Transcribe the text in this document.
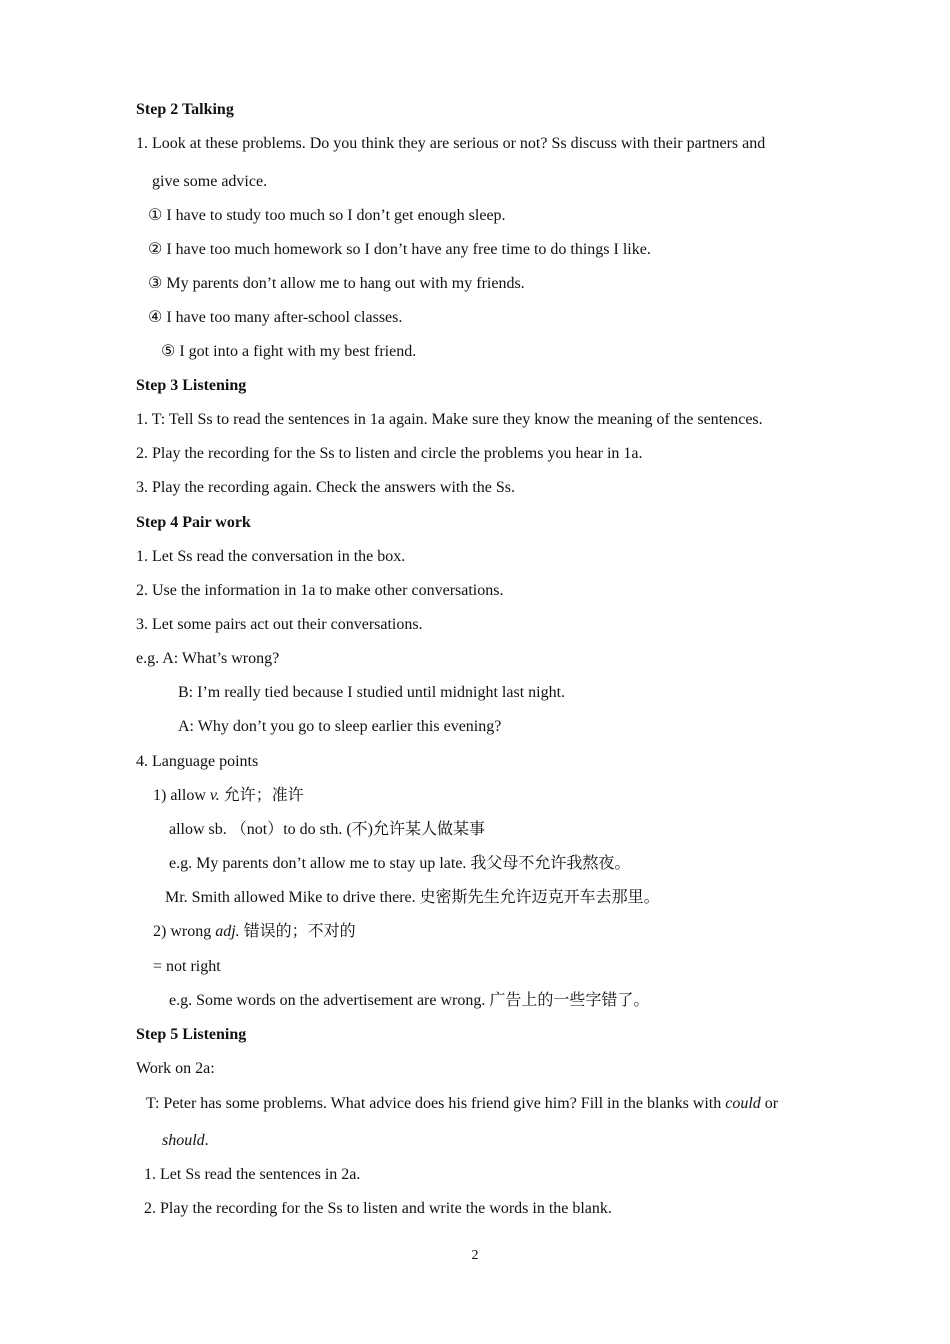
Step 2 Talking
1. Look at these problems. Do you think they are serious or not? Ss discuss with their partners and
give some advice.
① I have to study too much so I don’t get enough sleep.
② I have too much homework so I don’t have any free time to do things I like.
③ My parents don’t allow me to hang out with my friends.
④ I have too many after-school classes.
⑤ I got into a fight with my best friend.
Step 3 Listening
1. T: Tell Ss to read the sentences in 1a again. Make sure they know the meaning of the sentences.
2. Play the recording for the Ss to listen and circle the problems you hear in 1a.
3. Play the recording again. Check the answers with the Ss.
Step 4 Pair work
1. Let Ss read the conversation in the box.
2. Use the information in 1a to make other conversations.
3. Let some pairs act out their conversations.
e.g. A: What’s wrong?
B: I’m really tied because I studied until midnight last night.
A: Why don’t you go to sleep earlier this evening?
4. Language points
1) allow v. 允许；准许
allow sb. （not）to do sth. (不)允许某人做某事
e.g. My parents don’t allow me to stay up late. 我父母不允许我熬夜。
Mr. Smith allowed Mike to drive there. 史密斯先生允许迈克开车去那里。
2) wrong adj. 错误的；不对的
= not right
e.g. Some words on the advertisement are wrong. 广告上的一些字错了。
Step 5 Listening
Work on 2a:
T: Peter has some problems. What advice does his friend give him? Fill in the blanks with could or
should.
1. Let Ss read the sentences in 2a.
2. Play the recording for the Ss to listen and write the words in the blank.
2
